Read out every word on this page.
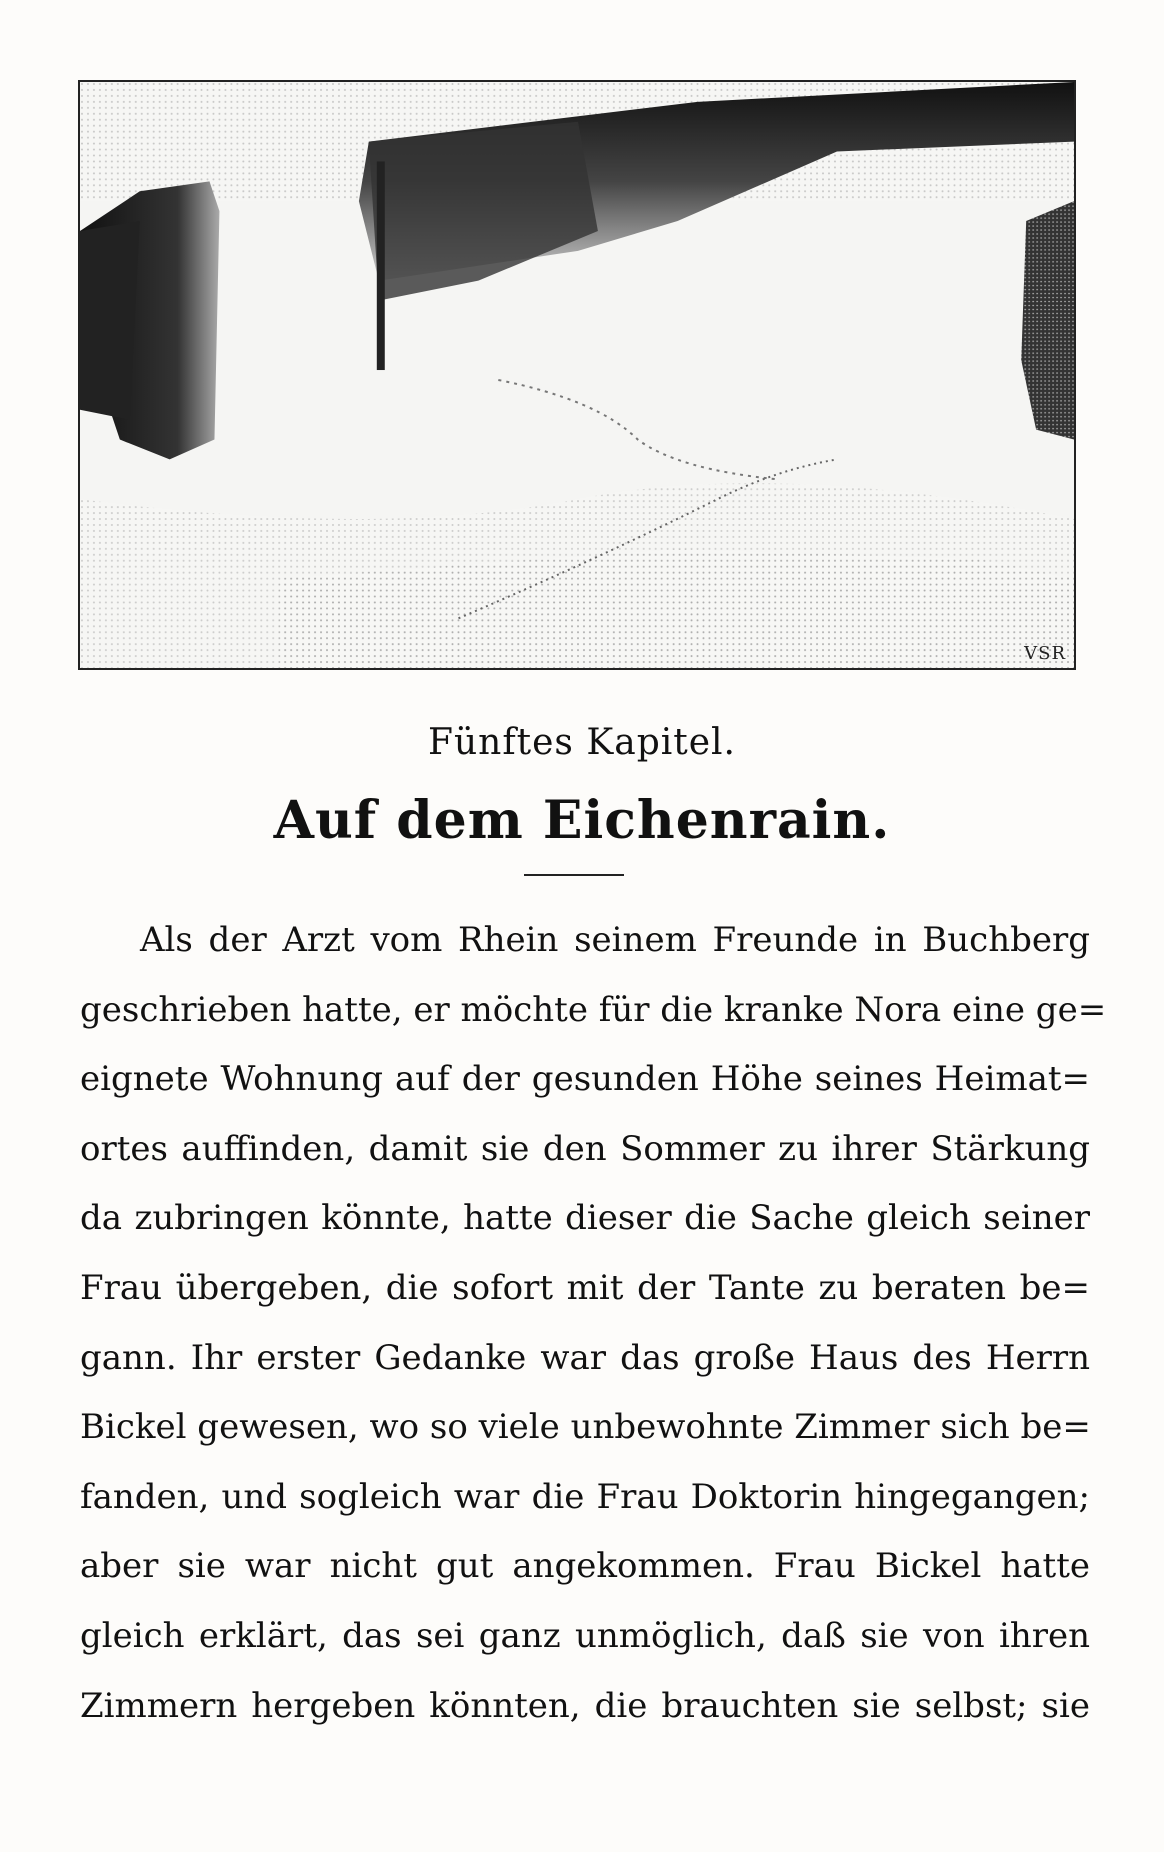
VSR
Fünftes Kapitel.
Auf dem Eichenrain.
Als der Arzt vom Rhein seinem Freunde in Buchberg
geschrieben hatte, er möchte für die kranke Nora eine ge=
eignete Wohnung auf der gesunden Höhe seines Heimat=
ortes auffinden, damit sie den Sommer zu ihrer Stärkung
da zubringen könnte, hatte dieser die Sache gleich seiner
Frau übergeben, die sofort mit der Tante zu beraten be=
gann. Ihr erster Gedanke war das große Haus des Herrn
Bickel gewesen, wo so viele unbewohnte Zimmer sich be=
fanden, und sogleich war die Frau Doktorin hingegangen;
aber sie war nicht gut angekommen. Frau Bickel hatte
gleich erklärt, das sei ganz unmöglich, daß sie von ihren
Zimmern hergeben könnten, die brauchten sie selbst; sie
